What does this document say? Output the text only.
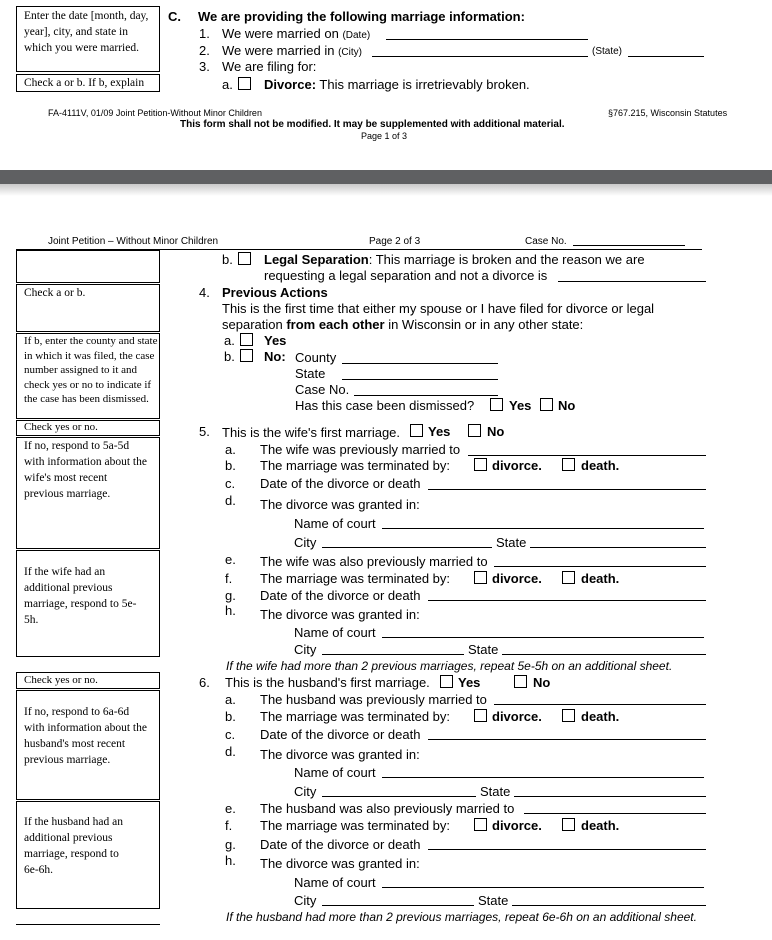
Enter the date [month, day, year], city, and state in which you were married.
Check a or b. If b, explain
C. We are providing the following marriage information:
1. We were married on (Date)
2. We were married in (City)	(State)
3. We are filing for:
a. Divorce: This marriage is irretrievably broken.
FA-4111V, 01/09 Joint Petition-Without Minor Children	§767.215, Wisconsin Statutes
This form shall not be modified. It may be supplemented with additional material.
Page 1 of 3
Joint Petition – Without Minor Children	Page 2 of 3	Case No.
Check a or b.
If b, enter the county and state in which it was filed, the case number assigned to it and check yes or no to indicate if the case has been dismissed.
Check yes or no.
If no, respond to 5a-5d with information about the wife's most recent previous marriage.
If the wife had an additional previous marriage, respond to 5e-5h.
Check yes or no.
If no, respond to 6a-6d with information about the husband's most recent previous marriage.
If the husband had an additional previous marriage, respond to 6e-6h.
b. Legal Separation: This marriage is broken and the reason we are
requesting a legal separation and not a divorce is
4. Previous Actions
This is the first time that either my spouse or I have filed for divorce or legal
separation from each other in Wisconsin or in any other state:
a. Yes
b. No: County
State
Case No.
Has this case been dismissed?	Yes No
5. This is the wife's first marriage. Yes	No
a. The wife was previously married to
b. The marriage was terminated by:	divorce.	death.
c. Date of the divorce or death
d. The divorce was granted in:
Name of court
City	State
e. The wife was also previously married to
f. The marriage was terminated by:	divorce.	death.
g. Date of the divorce or death
h. The divorce was granted in:
Name of court
City	State
If the wife had more than 2 previous marriages, repeat 5e-5h on an additional sheet.
6. This is the husband's first marriage. Yes	No
a. The husband was previously married to
b. The marriage was terminated by:	divorce.	death.
c. Date of the divorce or death
d. The divorce was granted in:
Name of court
City	State
e. The husband was also previously married to
f. The marriage was terminated by:	divorce.	death.
g. Date of the divorce or death
h. The divorce was granted in:
Name of court
City	State
If the husband had more than 2 previous marriages, repeat 6e-6h on an additional sheet.
